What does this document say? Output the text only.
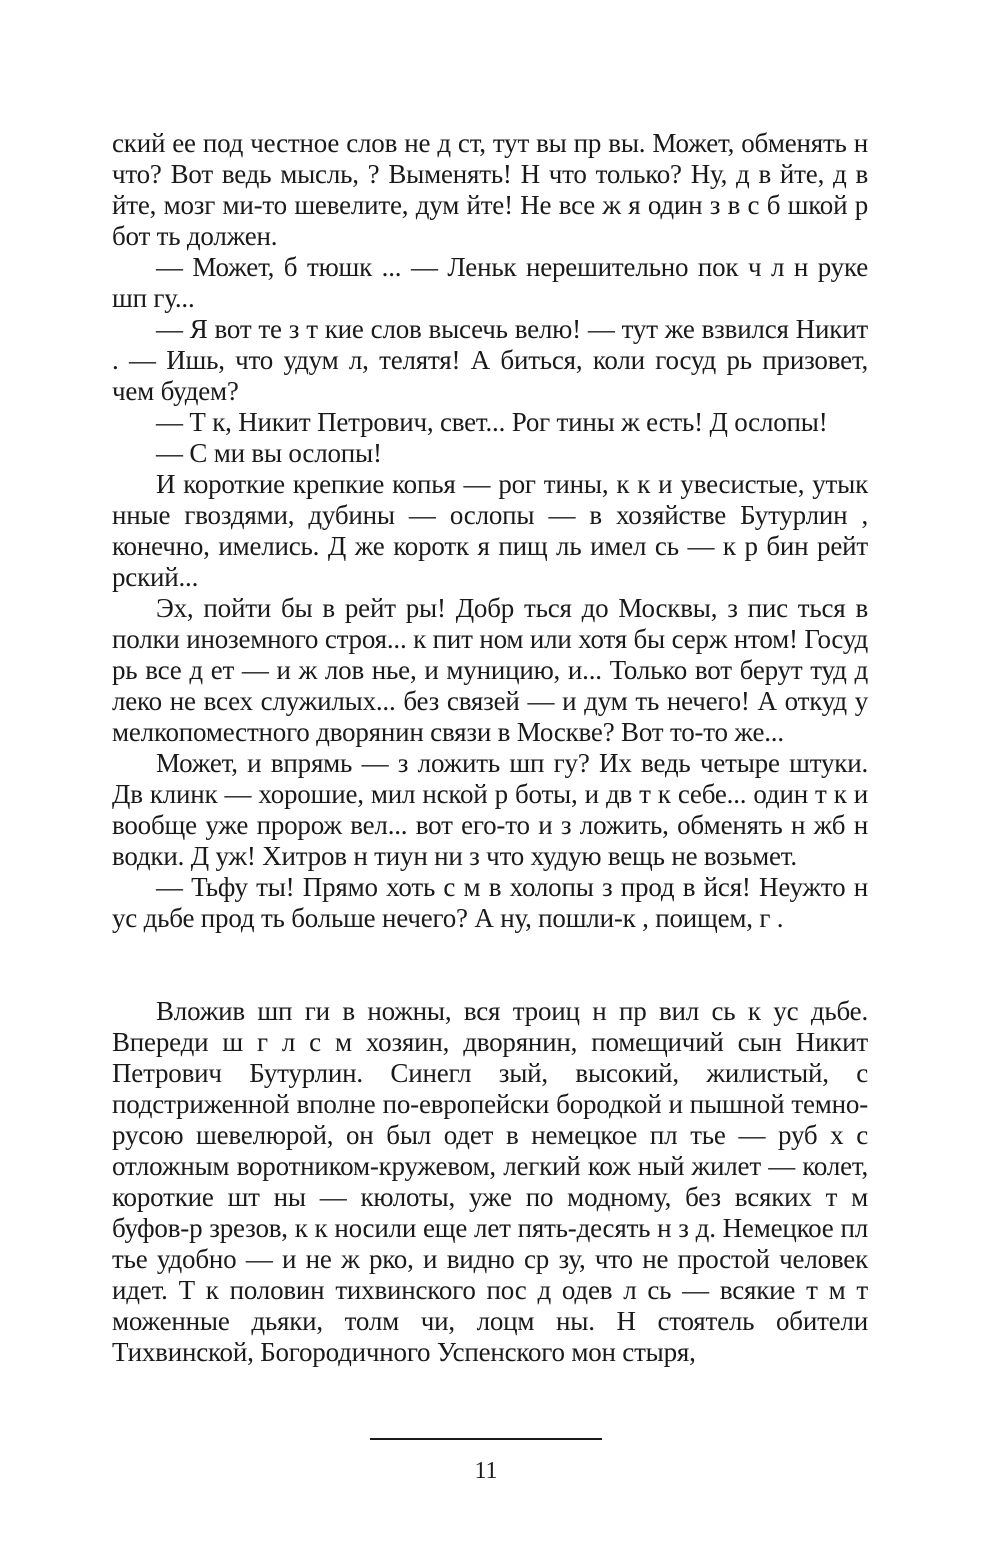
ский ее под честное слов не д ст, тут вы пр вы. Может, обменять н что? Вот ведь мысль, ? Выменять! Н что только? Ну, д в йте, д в йте, мозг ми-то шевелите, дум йте! Не все ж я один з в с б шкой р бот ть должен.

— Может, б тюшк ... — Леньк нерешительно пок ч л н руке шп гу...

— Я вот те з т кие слов высечь велю! — тут же взвился Никит . — Ишь, что удум л, телятя! А биться, коли госуд рь призовет, чем будем?

— Т к, Никит Петрович, свет... Рог тины ж есть! Д ослопы!

— С ми вы ослопы!

И короткие крепкие копья — рог тины, к к и увесистые, утык нные гвоздями, дубины — ослопы — в хозяйстве Бутурлин , конечно, имелись. Д же коротк я пищ ль имел сь — к р бин рейт рский...

Эх, пойти бы в рейт ры! Добр ться до Москвы, з пис ться в полки иноземного строя... к пит ном или хотя бы серж нтом! Госуд рь все д ет — и ж лов нье, и муницию, и... Только вот берут туд д леко не всех служилых... без связей — и дум ть нечего! А откуд у мелкопоместного дворянин связи в Москве? Вот то-то же...

Может, и впрямь — з ложить шп гу? Их ведь четыре штуки. Дв клинк — хорошие, мил нской р боты, и дв т к себе... один т к и вообще уже пророж вел... вот его-то и з ложить, обменять н жб н водки. Д уж! Хитров н тиун ни з что худую вещь не возьмет.

— Тьфу ты! Прямо хоть с м в холопы з прод в йся! Неужто н ус дьбе прод ть больше нечего? А ну, пошли-к , поищем, г .

Вложив шп ги в ножны, вся троиц н пр вил сь к ус дьбе. Впереди ш г л с м хозяин, дворянин, помещичий сын Никит Петрович Бутурлин. Синегл зый, высокий, жилистый, с подстриженной вполне по-европейски бородкой и пышной темно-русою шевелюрой, он был одет в немецкое пл тье — руб х с отложным воротником-кружевом, легкий кож ный жилет — колет, короткие шт ны — кюлоты, уже по модному, без всяких т м буфов-р зрезов, к к носили еще лет пять-десять н з д. Немецкое пл тье удобно — и не ж рко, и видно ср зу, что не простой человек идет. Т к половин тихвинского пос д одев л сь — всякие т м т моженные дьяки, толм чи, лоцм ны. Н стоятель обители Тихвинской, Богородичного Успенского мон стыря,

11
